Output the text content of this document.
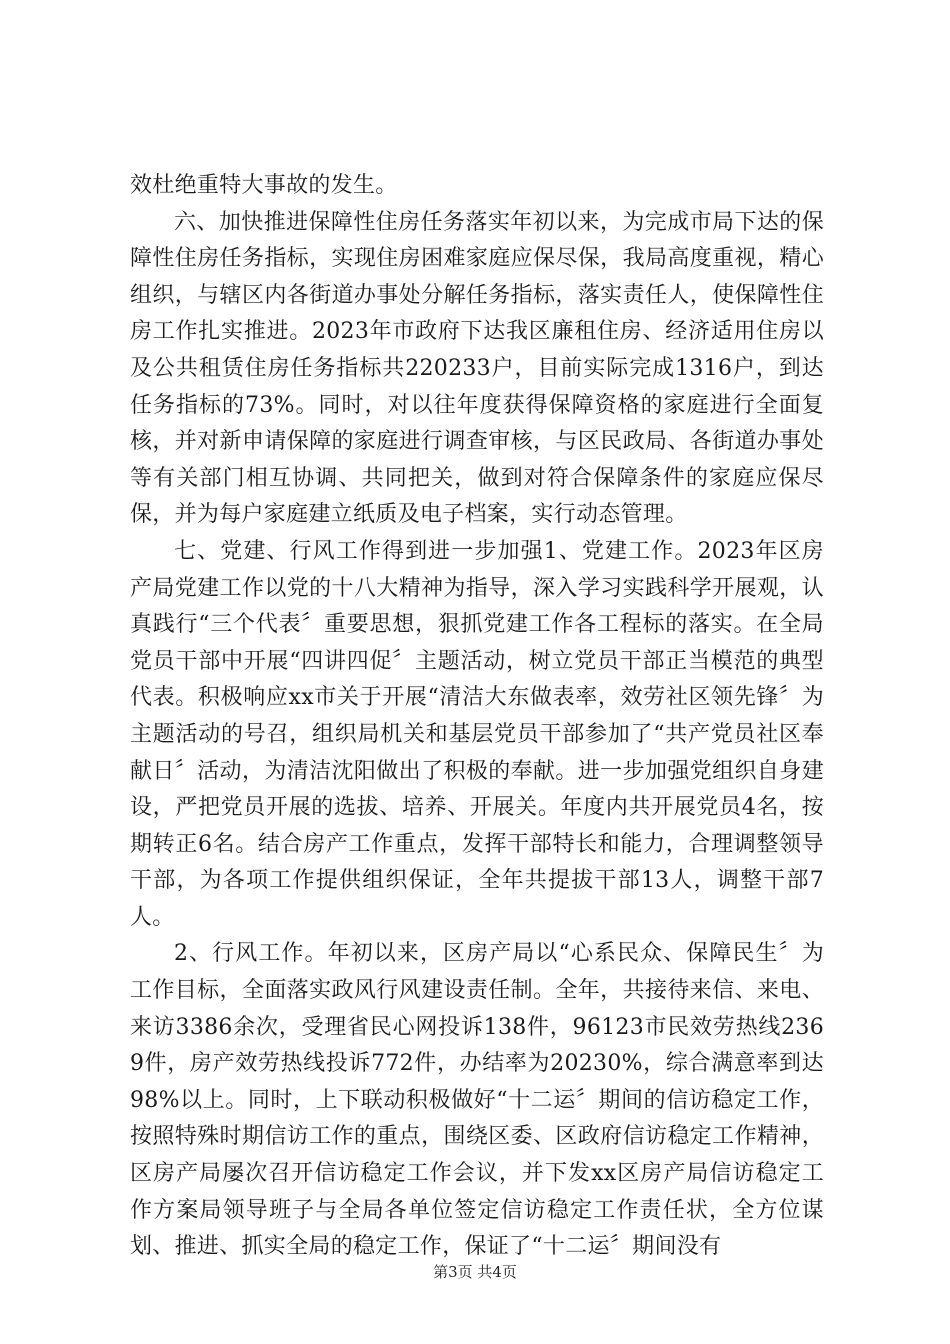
效杜绝重特大事故的发生。

六、加快推进保障性住房任务落实年初以来，为完成市局下达的保障性住房任务指标，实现住房困难家庭应保尽保，我局高度重视，精心组织，与辖区内各街道办事处分解任务指标，落实责任人，使保障性住房工作扎实推进。2023年市政府下达我区廉租住房、经济适用住房以及公共租赁住房任务指标共220233户，目前实际完成1316户，到达任务指标的73%。同时，对以往年度获得保障资格的家庭进行全面复核，并对新申请保障的家庭进行调查审核，与区民政局、各街道办事处等有关部门相互协调、共同把关，做到对符合保障条件的家庭应保尽保，并为每户家庭建立纸质及电子档案，实行动态管理。

七、党建、行风工作得到进一步加强1、党建工作。2023年区房产局党建工作以党的十八大精神为指导，深入学习实践科学开展观，认真践行“三个代表〞重要思想，狠抓党建工作各工程标的落实。在全局党员干部中开展“四讲四促〞主题活动，树立党员干部正当模范的典型代表。积极响应xx市关于开展“清洁大东做表率，效劳社区领先锋〞为主题活动的号召，组织局机关和基层党员干部参加了“共产党员社区奉献日〞活动，为清洁沈阳做出了积极的奉献。进一步加强党组织自身建设，严把党员开展的选拔、培养、开展关。年度内共开展党员4名，按期转正6名。结合房产工作重点，发挥干部特长和能力，合理调整领导干部，为各项工作提供组织保证，全年共提拔干部13人，调整干部7人。

2、行风工作。年初以来，区房产局以“心系民众、保障民生〞为工作目标，全面落实政风行风建设责任制。全年，共接待来信、来电、来访3386余次，受理省民心网投诉138件，96123市民效劳热线2369件，房产效劳热线投诉772件，办结率为20230%，综合满意率到达98%以上。同时，上下联动积极做好“十二运〞期间的信访稳定工作，按照特殊时期信访工作的重点，围绕区委、区政府信访稳定工作精神，区房产局屡次召开信访稳定工作会议，并下发xx区房产局信访稳定工作方案局领导班子与全局各单位签定信访稳定工作责任状，全方位谋划、推进、抓实全局的稳定工作，保证了“十二运〞期间没有

第3页 共4页
